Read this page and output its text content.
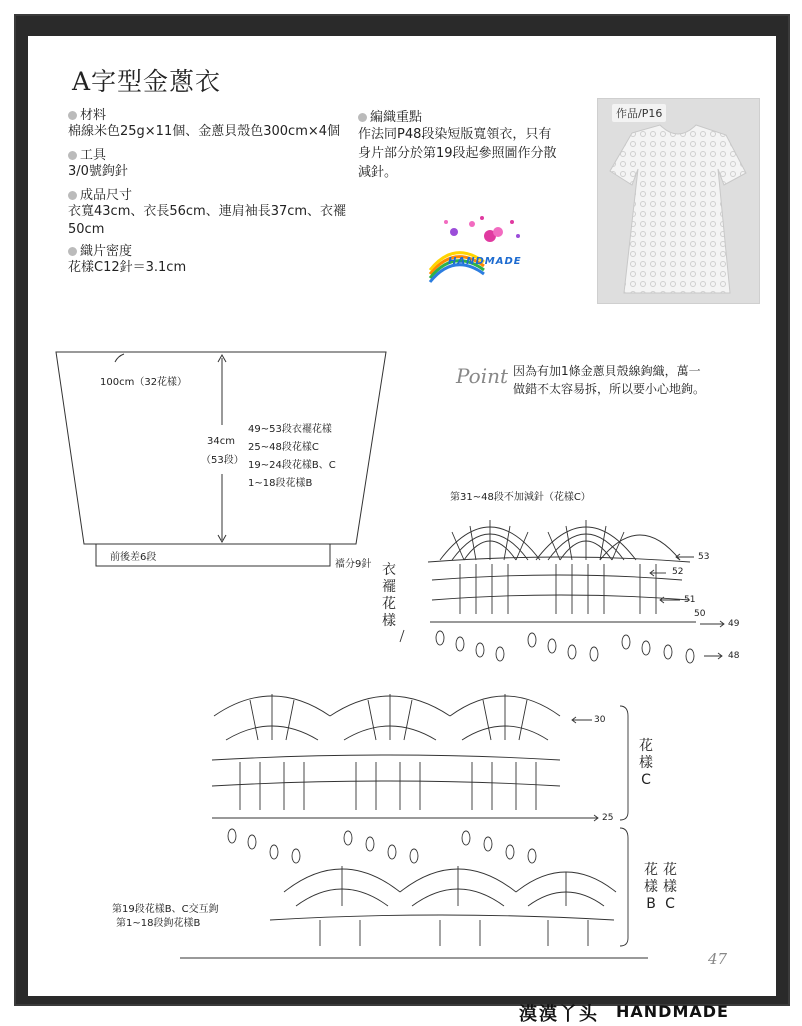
A字型金蔥衣
材料
棉線米色25g×11個、金蔥貝殼色300cm×4個
工具
3/0號鉤針
成品尺寸
衣寬43cm、衣長56cm、連肩袖長37cm、衣襬
50cm
織片密度
花樣C12針＝3.1cm
編織重點
作法同P48段染短版寬領衣，只有
身片部分於第19段起參照圖作分散
減針。
HANDMADE
作品/P16
Point 因為有加1條金蔥貝殼線鉤織，萬一
做錯不太容易拆，所以要小心地鉤。
100cm（32花樣）
34cm
（53段）
49~53段衣襬花樣
25~48段花樣C
19~24段花樣B、C
1~18段花樣B
前後差6段
襠分9針
第31~48段不加減針（花樣C）
衣
襬
花
樣
53
52
51
50
49
48
30
25
花
樣
C
花
樣
C
花
樣
B
第19段花樣B、C交互鉤
第1~18段鉤花樣B
47
漠漠丫头 HANDMADE
